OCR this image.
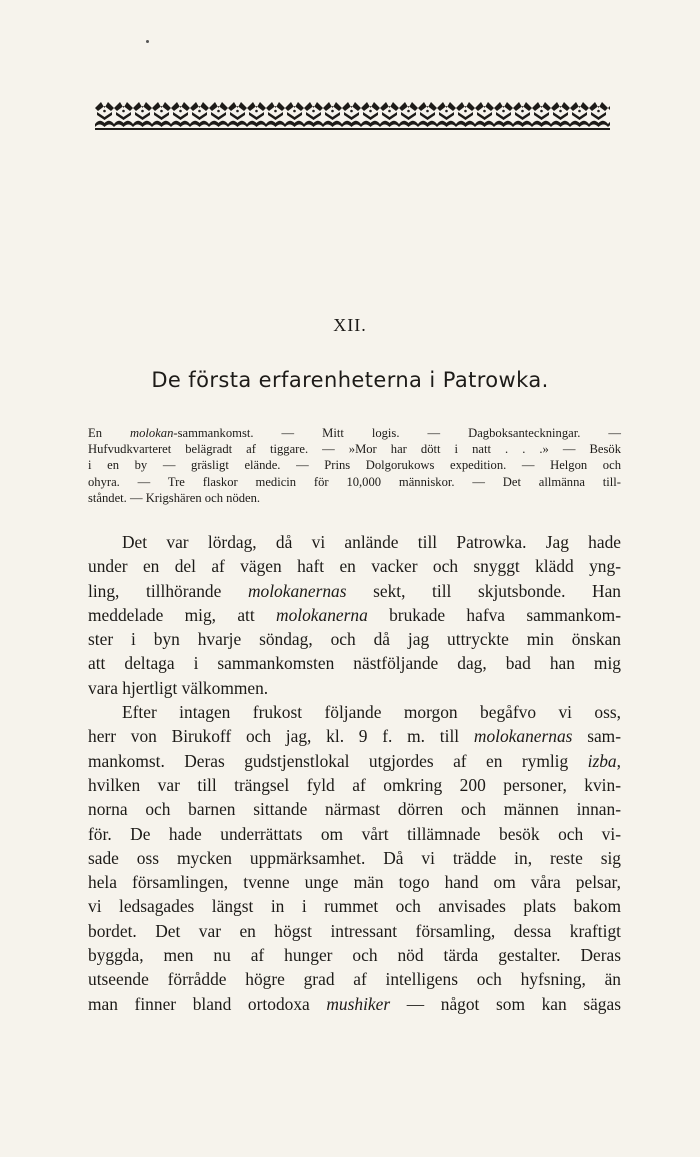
XII.
De första erfarenheterna i Patrowka.
En molokan-sammankomst. — Mitt logis. — Dagboksanteckningar. —
Hufvudkvarteret belägradt af tiggare. — »Mor har dött i natt . . .» — Besök
i en by — gräsligt elände. — Prins Dolgorukows expedition. — Helgon och
ohyra. — Tre flaskor medicin för 10,000 människor. — Det allmänna till-
ståndet. — Krigshären och nöden.
Det var lördag, då vi anlände till Patrowka. Jag hade
under en del af vägen haft en vacker och snyggt klädd yng-
ling, tillhörande molokanernas sekt, till skjutsbonde. Han
meddelade mig, att molokanerna brukade hafva sammankom-
ster i byn hvarje söndag, och då jag uttryckte min önskan
att deltaga i sammankomsten nästföljande dag, bad han mig
vara hjertligt välkommen.
Efter intagen frukost följande morgon begåfvo vi oss,
herr von Birukoff och jag, kl. 9 f. m. till molokanernas sam-
mankomst. Deras gudstjenstlokal utgjordes af en rymlig izba,
hvilken var till trängsel fyld af omkring 200 personer, kvin-
norna och barnen sittande närmast dörren och männen innan-
för. De hade underrättats om vårt tillämnade besök och vi-
sade oss mycken uppmärksamhet. Då vi trädde in, reste sig
hela församlingen, tvenne unge män togo hand om våra pelsar,
vi ledsagades längst in i rummet och anvisades plats bakom
bordet. Det var en högst intressant församling, dessa kraftigt
byggda, men nu af hunger och nöd tärda gestalter. Deras
utseende förrådde högre grad af intelligens och hyfsning, än
man finner bland ortodoxa mushiker — något som kan sägas
